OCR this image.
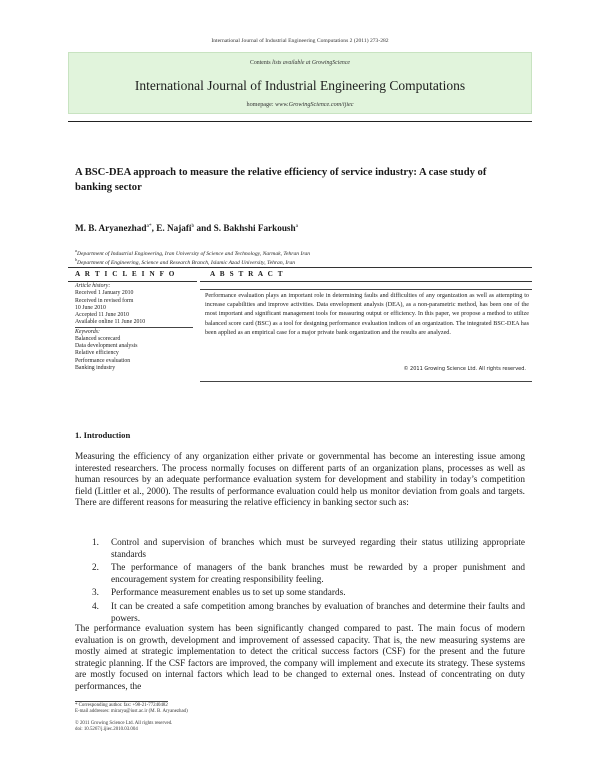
International Journal of Industrial Engineering Computations 2 (2011) 273-282
Contents lists available at GrowingScience
International Journal of Industrial Engineering Computations
homepage: www.GrowingScience.com/ijiec
A BSC-DEA approach to measure the relative efficiency of service industry: A case study of banking sector
M. B. Aryanezhad$^{a*}$, E. Najafi$^b$ and S. Bakhshi Farkoush$^a$
$^a$Department of Industrial Engineering, Iran University of Science and Technology, Narmak, Tehran Iran
$^b$Department of Engineering, Science and Research Branch, Islamic Azad University, Tehran, Iran
A R T I C L E I N F O	A B S T R A C T
Article history:
Received 1 January 2010
Received in revised form
10 June 2010
Accepted 11 June 2010
Available online 11 June 2010
Keywords:
Balanced scorecard
Data development analysis
Relative efficiency
Performance evaluation
Banking industry
Performance evaluation plays an important role in determining faults and difficulties of any organization as well as attempting to increase capabilities and improve activities. Data envelopment analysis (DEA), as a non-parametric method, has been one of the most important and significant management tools for measuring output or efficiency. In this paper, we propose a method to utilize balanced score card (BSC) as a tool for designing performance evaluation indices of an organization. The integrated BSC-DEA has been applied as an empirical case for a major private bank organization and the results are analyzed.
© 2011 Growing Science Ltd. All rights reserved.
1. Introduction
Measuring the efficiency of any organization either private or governmental has become an interesting issue among interested researchers. The process normally focuses on different parts of an organization plans, processes as well as human resources by an adequate performance evaluation system for development and stability in today’s competition field (Littler et al., 2000). The results of performance evaluation could help us monitor deviation from goals and targets. There are different reasons for measuring the relative efficiency in banking sector such as:
1. Control and supervision of branches which must be surveyed regarding their status utilizing appropriate standards
2. The performance of managers of the bank branches must be rewarded by a proper punishment and encouragement system for creating responsibility feeling.
3. Performance measurement enables us to set up some standards.
4. It can be created a safe competition among branches by evaluation of branches and determine their faults and powers.
The performance evaluation system has been significantly changed compared to past. The main focus of modern evaluation is on growth, development and improvement of assessed capacity. That is, the new measuring systems are mostly aimed at strategic implementation to detect the critical success factors (CSF) for the present and the future strategic planning. If the CSF factors are improved, the company will implement and execute its strategy. These systems are mostly focused on internal factors which lead to be changed to external ones. Instead of concentrating on duty performances, the
* Corresponding author. fax: +98-21-77240482
E-mail addresses: mirarya@iust.ac.ir (M. B. Aryanezhad)
© 2011 Growing Science Ltd. All rights reserved.
doi: 10.5267/j.ijiec.2010.03.004
